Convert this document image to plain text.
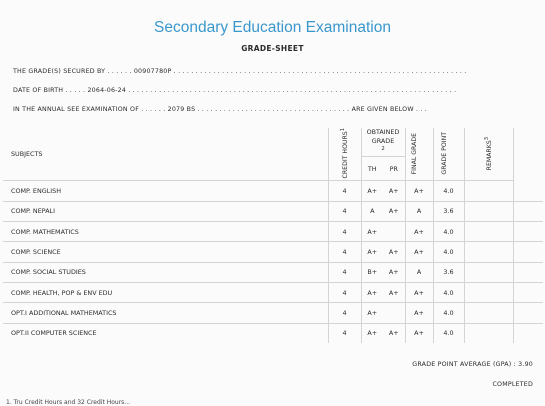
Secondary Education Examination
GRADE-SHEET
THE GRADE(S) SECURED BY . . . . . . 00907780P . . . . . . . . . . . . . . . . . . . . . . . . . . . . . . . . . . . . . . . . . . . . . . . . . . . . . . . . . . . . . . . . . . .
DATE OF BIRTH . . . . . 2064-06-24 . . . . . . . . . . . . . . . . . . . . . . . . . . . . . . . . . . . . . . . . . . . . . . . . . . . . . . . . . . . . . . . . . . . . . . . . . . .
IN THE ANNUAL SEE EXAMINATION OF . . . . . . 2079 BS . . . . . . . . . . . . . . . . . . . . . . . . . . . . . . . . . . . ARE GIVEN BELOW . . .
SUBJECTS	CREDIT HOURS$^1$	OBTAINED GRADE$^2$		FINAL GRADE	GRADE POINT	REMARKS$^3$	
		TH	PR				
COMP. ENGLISH	4	A+	A+	A+	4.0		
COMP. NEPALI	4	A	A+	A	3.6		
COMP. MATHEMATICS	4	A+		A+	4.0		
COMP. SCIENCE	4	A+	A+	A+	4.0		
COMP. SOCIAL STUDIES	4	B+	A+	A	3.6		
COMP. HEALTH, POP & ENV EDU	4	A+	A+	A+	4.0		
OPT.I ADDITIONAL MATHEMATICS	4	A+		A+	4.0		
OPT.II COMPUTER SCIENCE	4	A+	A+	A+	4.0		
GRADE POINT AVERAGE (GPA) : 3.90
COMPLETED
1. Tru Credit Hours and 32 Credit Hours...
